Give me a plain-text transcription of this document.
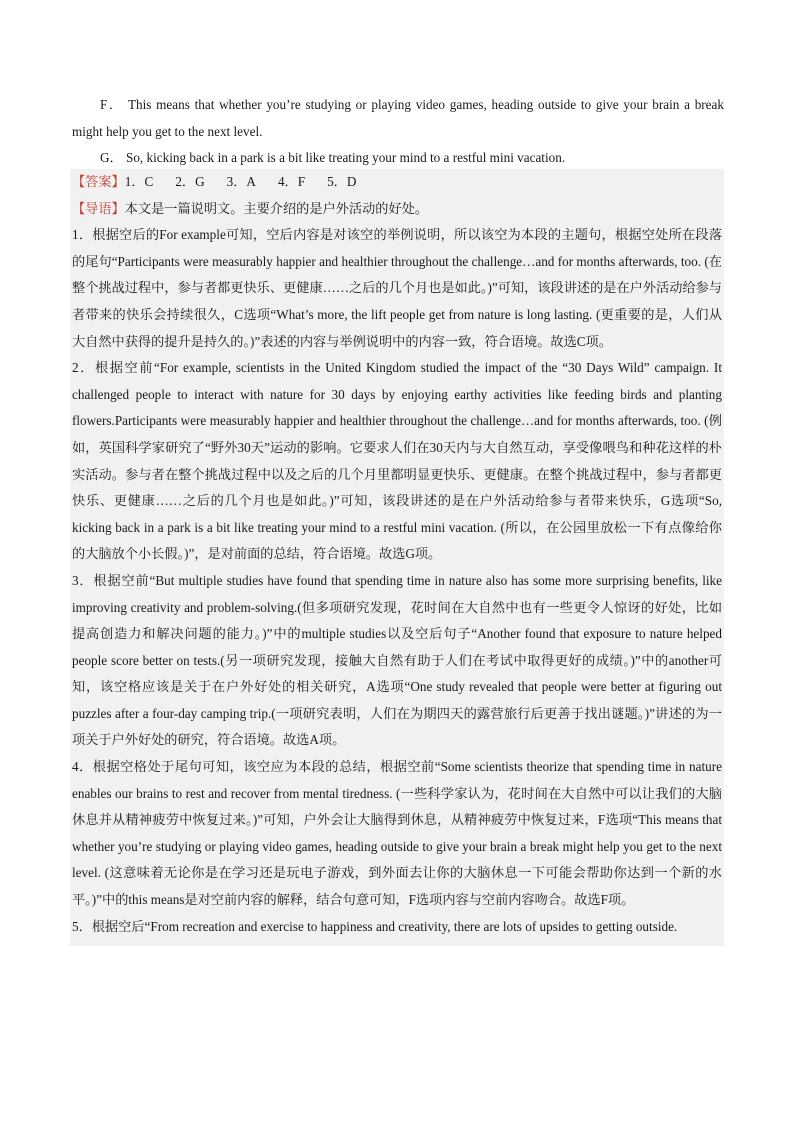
F． This means that whether you’re studying or playing video games, heading outside to give your brain a break might help you get to the next level.

G． So, kicking back in a park is a bit like treating your mind to a restful mini vacation.

【答案】1．C 2．G 3．A 4．F 5．D

【导语】本文是一篇说明文。主要介绍的是户外活动的好处。

1．根据空后的For example可知，空后内容是对该空的举例说明，所以该空为本段的主题句，根据空处所在段落的尾句“Participants were measurably happier and healthier throughout the challenge…and for months afterwards, too. (在整个挑战过程中，参与者都更快乐、更健康……之后的几个月也是如此。)”可知，该段讲述的是在户外活动给参与者带来的快乐会持续很久，C选项“What’s more, the lift people get from nature is long lasting. (更重要的是，人们从大自然中获得的提升是持久的。)”表述的内容与举例说明中的内容一致，符合语境。故选C项。

2．根据空前“For example, scientists in the United Kingdom studied the impact of the “30 Days Wild” campaign. It challenged people to interact with nature for 30 days by enjoying earthy activities like feeding birds and planting flowers.Participants were measurably happier and healthier throughout the challenge…and for months afterwards, too. (例如，英国科学家研究了“野外30天”运动的影响。它要求人们在30天内与大自然互动，享受像喂鸟和种花这样的朴实活动。参与者在整个挑战过程中以及之后的几个月里都明显更快乐、更健康。在整个挑战过程中，参与者都更快乐、更健康……之后的几个月也是如此。)”可知，该段讲述的是在户外活动给参与者带来快乐，G选项“So, kicking back in a park is a bit like treating your mind to a restful mini vacation. (所以，在公园里放松一下有点像给你的大脑放个小长假。)”，是对前面的总结，符合语境。故选G项。

3．根据空前“But multiple studies have found that spending time in nature also has some more surprising benefits, like improving creativity and problem-solving.(但多项研究发现，花时间在大自然中也有一些更令人惊讶的好处，比如提高创造力和解决问题的能力。)”中的multiple studies以及空后句子“Another found that exposure to nature helped people score better on tests.(另一项研究发现，接触大自然有助于人们在考试中取得更好的成绩。)”中的another可知，该空格应该是关于在户外好处的相关研究，A选项“One study revealed that people were better at figuring out puzzles after a four-day camping trip.(一项研究表明，人们在为期四天的露营旅行后更善于找出谜题。)”讲述的为一项关于户外好处的研究，符合语境。故选A项。

4．根据空格处于尾句可知，该空应为本段的总结，根据空前“Some scientists theorize that spending time in nature enables our brains to rest and recover from mental tiredness. (一些科学家认为，花时间在大自然中可以让我们的大脑休息并从精神疲劳中恢复过来。)”可知，户外会让大脑得到休息，从精神疲劳中恢复过来，F选项“This means that whether you’re studying or playing video games, heading outside to give your brain a break might help you get to the next level. (这意味着无论你是在学习还是玩电子游戏，到外面去让你的大脑休息一下可能会帮助你达到一个新的水平。)”中的this means是对空前内容的解释，结合句意可知，F选项内容与空前内容吻合。故选F项。

5．根据空后“From recreation and exercise to happiness and creativity, there are lots of upsides to getting outside.
